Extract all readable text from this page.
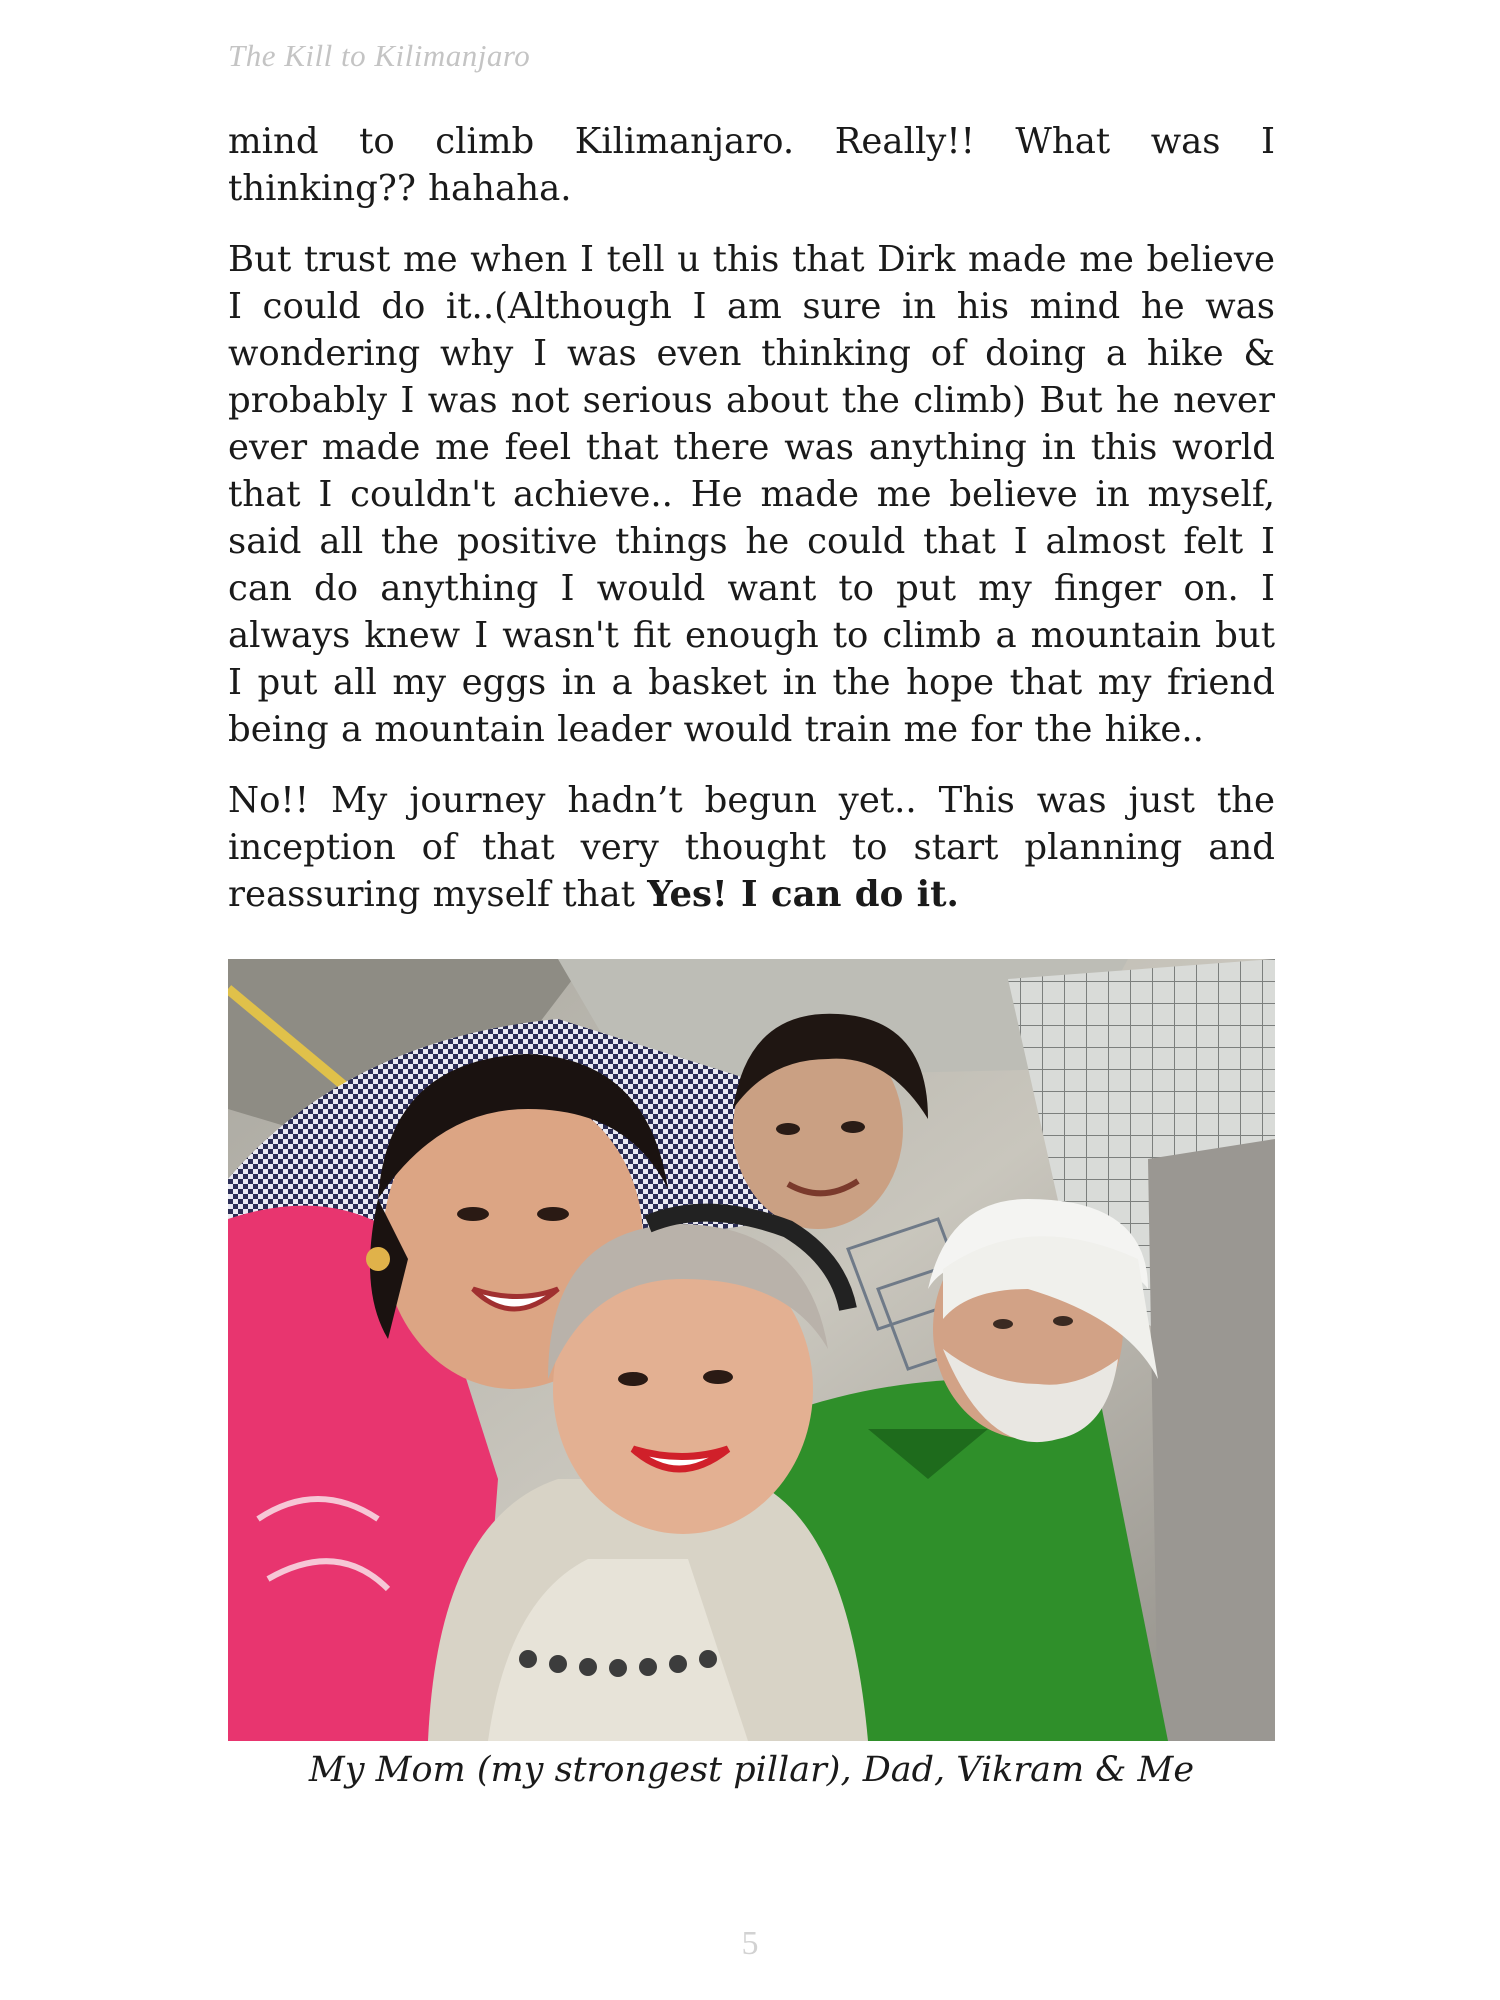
The Kill to Kilimanjaro

mind to climb Kilimanjaro. Really!! What was I thinking?? hahaha.

But trust me when I tell u this that Dirk made me believe I could do it..(Although I am sure in his mind he was wondering why I was even thinking of doing a hike & probably I was not serious about the climb) But he never ever made me feel that there was anything in this world that I couldn't achieve.. He made me believe in myself, said all the positive things he could that I almost felt I can do anything I would want to put my finger on. I always knew I wasn't fit enough to climb a mountain but I put all my eggs in a basket in the hope that my friend being a mountain leader would train me for the hike..

No!! My journey hadn’t begun yet.. This was just the inception of that very thought to start planning and reassuring myself that Yes! I can do it.

My Mom (my strongest pillar), Dad, Vikram & Me
5
